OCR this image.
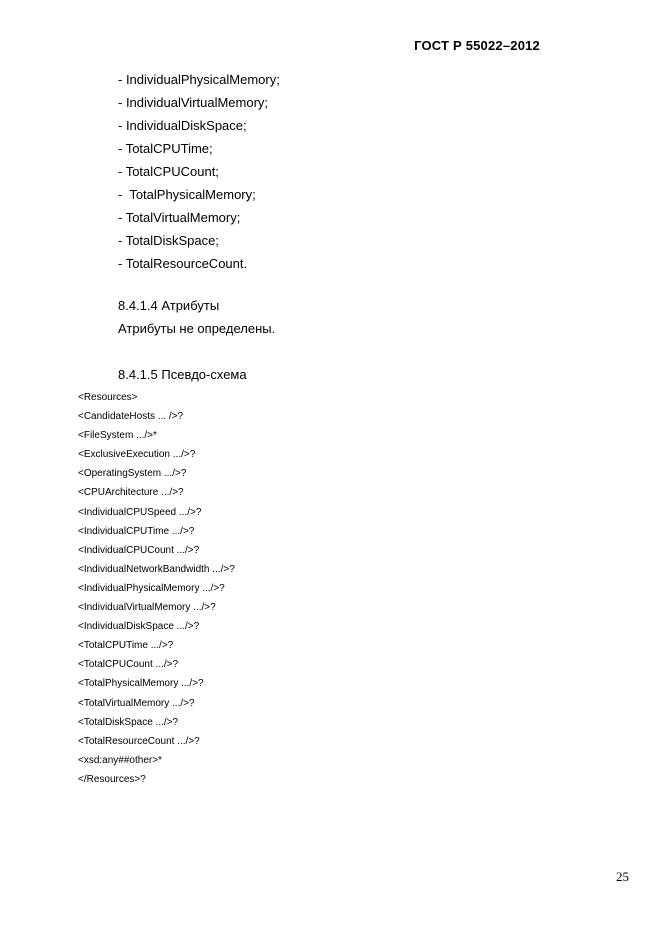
ГОСТ Р 55022–2012
- IndividualPhysicalMemory;
- IndividualVirtualMemory;
- IndividualDiskSpace;
- TotalCPUTime;
- TotalCPUCount;
-  TotalPhysicalMemory;
- TotalVirtualMemory;
- TotalDiskSpace;
- TotalResourceCount.
8.4.1.4 Атрибуты
Атрибуты не определены.
8.4.1.5 Псевдо-схема
<Resources>
<CandidateHosts ... />?
<FileSystem .../>*
<ExclusiveExecution .../>?
<OperatingSystem .../>?
<CPUArchitecture .../>?
<IndividualCPUSpeed .../>?
<IndividualCPUTime .../>?
<IndividualCPUCount .../>?
<IndividualNetworkBandwidth .../>?
<IndividualPhysicalMemory .../>?
<IndividualVirtualMemory .../>?
<IndividualDiskSpace .../>?
<TotalCPUTime .../>?
<TotalCPUCount .../>?
<TotalPhysicalMemory .../>?
<TotalVirtualMemory .../>?
<TotalDiskSpace .../>?
<TotalResourceCount .../>?
<xsd:any##other>*
</Resources>?
25
